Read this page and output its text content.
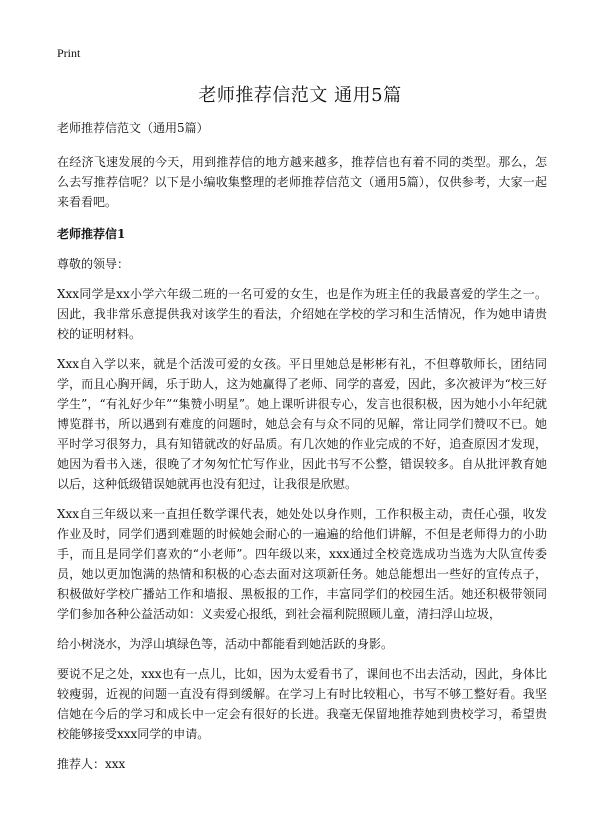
Print
老师推荐信范文 通用5篇

老师推荐信范文（通用5篇）

在经济飞速发展的今天，用到推荐信的地方越来越多，推荐信也有着不同的类型。那么，怎么去写推荐信呢？以下是小编收集整理的老师推荐信范文（通用5篇），仅供参考，大家一起来看看吧。

老师推荐信1

尊敬的领导：

Xxx同学是xx小学六年级二班的一名可爱的女生，也是作为班主任的我最喜爱的学生之一。因此，我非常乐意提供我对该学生的看法，介绍她在学校的学习和生活情况，作为她申请贵校的证明材料。

Xxx自入学以来，就是个活泼可爱的女孩。平日里她总是彬彬有礼，不但尊敬师长，团结同学，而且心胸开阔，乐于助人，这为她赢得了老师、同学的喜爱，因此，多次被评为“校三好学生”，“有礼好少年”“集赞小明星”。她上课听讲很专心，发言也很积极，因为她小小年纪就博览群书，所以遇到有难度的问题时，她总会有与众不同的见解，常让同学们赞叹不已。她平时学习很努力，具有知错就改的好品质。有几次她的作业完成的不好，追查原因才发现，她因为看书入迷，很晚了才匆匆忙忙写作业，因此书写不公整，错误较多。自从批评教育她以后，这种低级错误她就再也没有犯过，让我很是欣慰。

Xxx自三年级以来一直担任数学课代表，她处处以身作则，工作积极主动，责任心强，收发作业及时，同学们遇到难题的时候她会耐心的一遍遍的给他们讲解，不但是老师得力的小助手，而且是同学们喜欢的“小老师”。四年级以来，xxx通过全校竞选成功当选为大队宣传委员，她以更加饱满的热情和积极的心态去面对这项新任务。她总能想出一些好的宣传点子，积极做好学校广播站工作和墙报、黑板报的工作，丰富同学们的校园生活。她还积极带领同学们参加各种公益活动如：义卖爱心报纸，到社会福利院照顾儿童，清扫浮山垃圾，

给小树浇水，为浮山填绿色等，活动中都能看到她活跃的身影。

要说不足之处，xxx也有一点儿，比如，因为太爱看书了，课间也不出去活动，因此，身体比较瘦弱，近视的问题一直没有得到缓解。在学习上有时比较粗心，书写不够工整好看。我坚信她在今后的学习和成长中一定会有很好的长进。我毫无保留地推荐她到贵校学习，希望贵校能够接受xxx同学的申请。

推荐人：xxx
